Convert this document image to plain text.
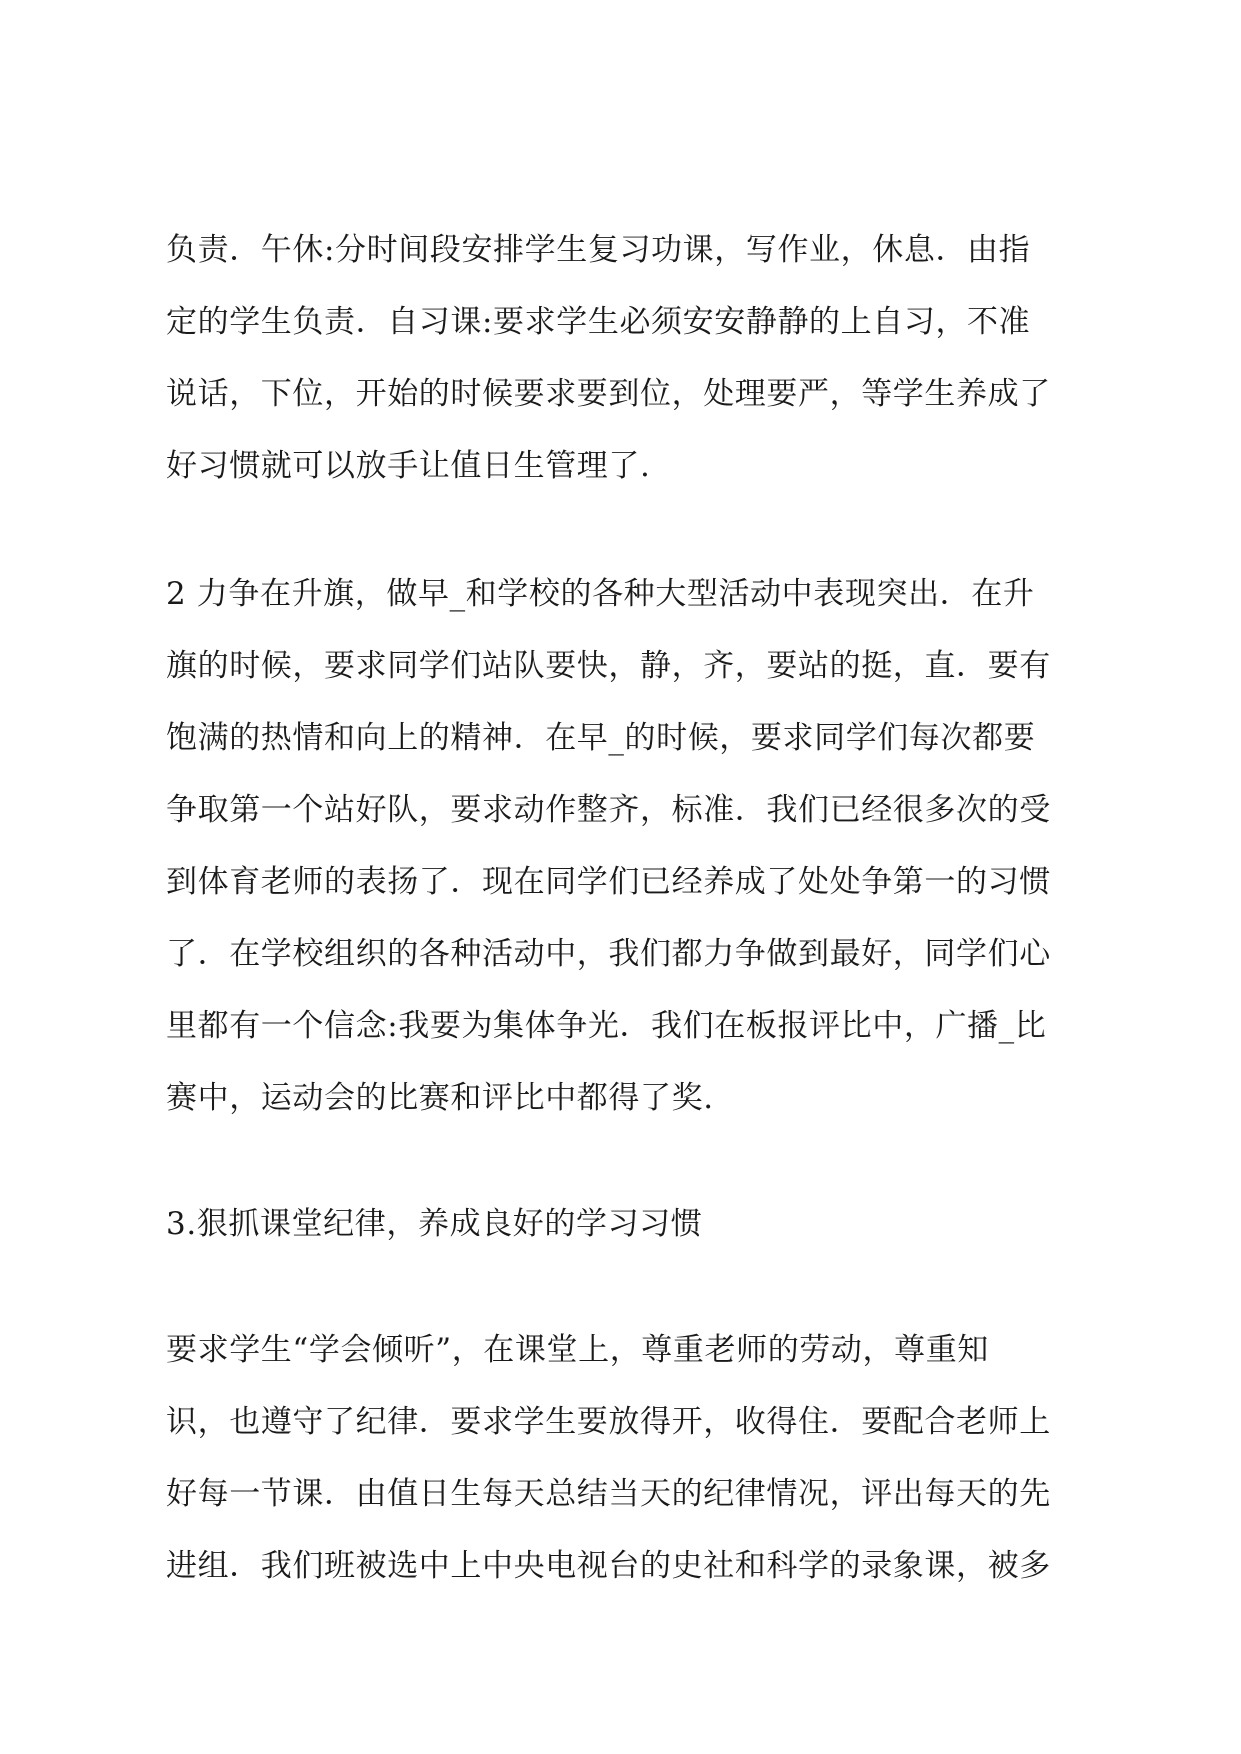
负责．午休:分时间段安排学生复习功课，写作业，休息．由指

定的学生负责．自习课:要求学生必须安安静静的上自习，不准

说话，下位，开始的时候要求要到位，处理要严，等学生养成了

好习惯就可以放手让值日生管理了.

2 力争在升旗，做早_和学校的各种大型活动中表现突出．在升

旗的时候，要求同学们站队要快，静，齐，要站的挺，直．要有

饱满的热情和向上的精神．在早_的时候，要求同学们每次都要

争取第一个站好队，要求动作整齐，标准．我们已经很多次的受

到体育老师的表扬了．现在同学们已经养成了处处争第一的习惯

了．在学校组织的各种活动中，我们都力争做到最好，同学们心

里都有一个信念:我要为集体争光．我们在板报评比中，广播_比

赛中，运动会的比赛和评比中都得了奖.

3.狠抓课堂纪律，养成良好的学习习惯

要求学生“学会倾听”，在课堂上，尊重老师的劳动，尊重知

识，也遵守了纪律．要求学生要放得开，收得住．要配合老师上

好每一节课．由值日生每天总结当天的纪律情况，评出每天的先

进组．我们班被选中上中央电视台的史社和科学的录象课，被多
